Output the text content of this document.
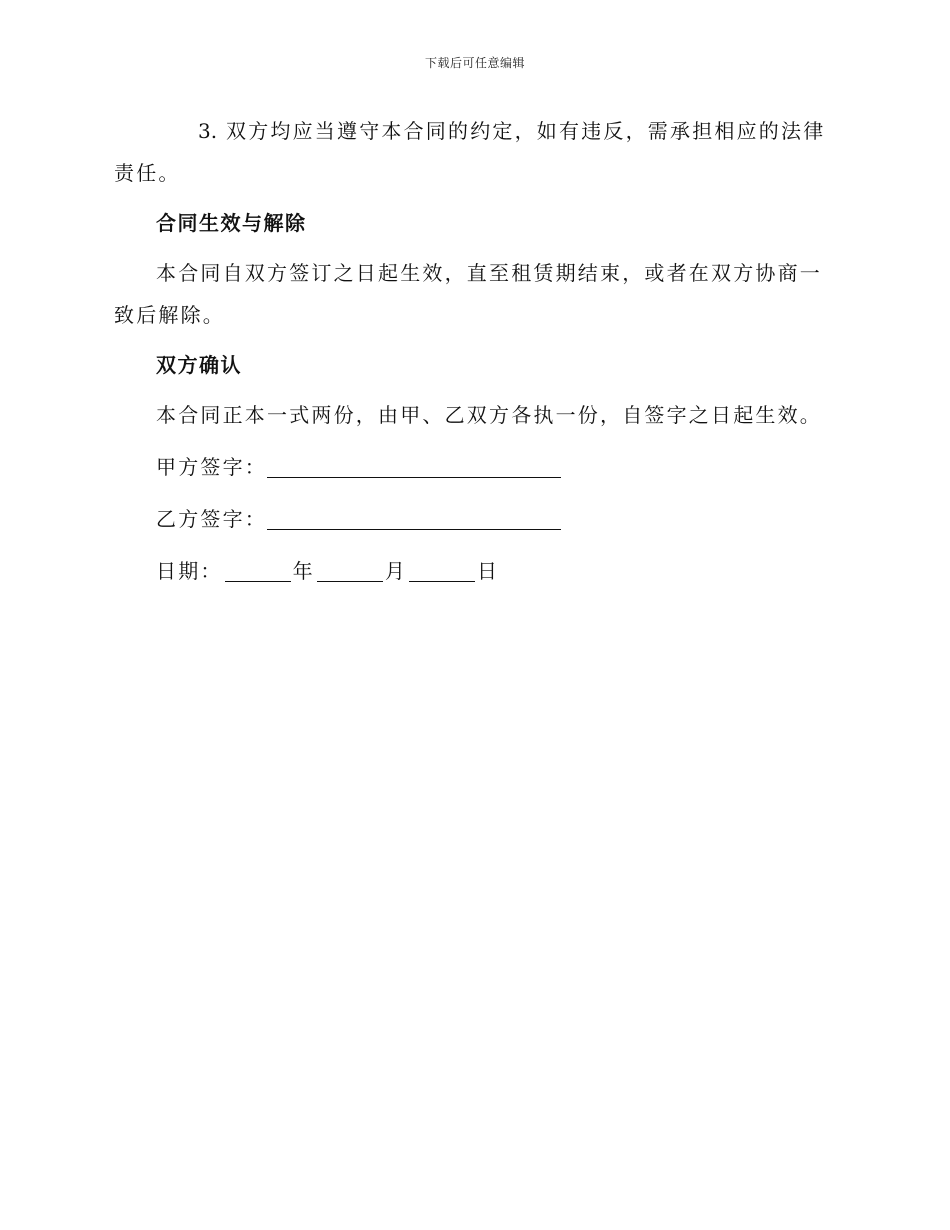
下载后可任意编辑

3. 双方均应当遵守本合同的约定，如有违反，需承担相应的法律责任。

合同生效与解除

本合同自双方签订之日起生效，直至租赁期结束，或者在双方协商一致后解除。

双方确认
本合同正本一式两份，由甲、乙双方各执一份，自签字之日起生效。
甲方签字：
乙方签字：
日期：	年	月	日
